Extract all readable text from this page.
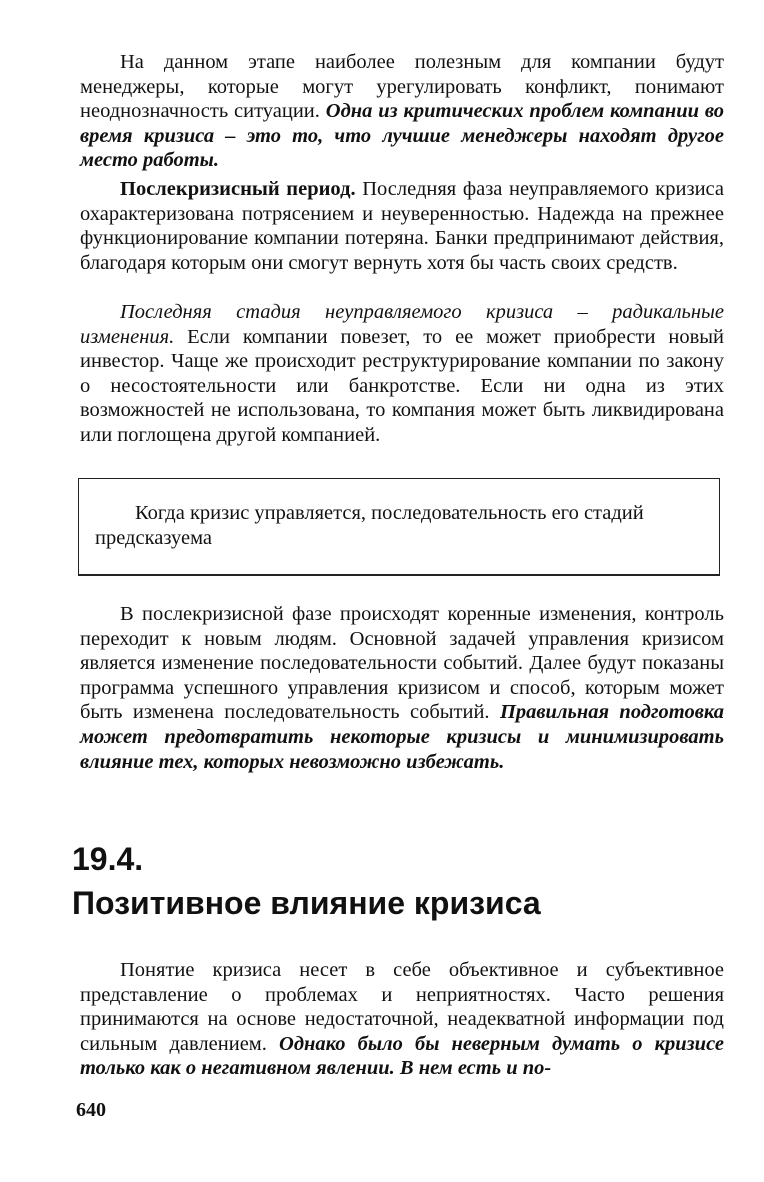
На данном этапе наиболее полезным для компании будут менеджеры, которые могут урегулировать конфликт, понимают неоднозначность ситуации. Одна из критических проблем компании во время кризиса – это то, что лучшие менеджеры находят другое место работы.

Послекризисный период. Последняя фаза неуправляемого кризиса охарактеризована потрясением и неуверенностью. Надежда на прежнее функционирование компании потеряна. Банки предпринимают действия, благодаря которым они смогут вернуть хотя бы часть своих средств.

Последняя стадия неуправляемого кризиса – радикальные изменения. Если компании повезет, то ее может приобрести новый инвестор. Чаще же происходит реструктурирование компании по закону о несостоятельности или банкротстве. Если ни одна из этих возможностей не использована, то компания может быть ликвидирована или поглощена другой компанией.

Когда кризис управляется, последовательность его стадий предсказуема

В послекризисной фазе происходят коренные изменения, контроль переходит к новым людям. Основной задачей управления кризисом является изменение последовательности событий. Далее будут показаны программа успешного управления кризисом и способ, которым может быть изменена последовательность событий. Правильная подготовка может предотвратить некоторые кризисы и минимизировать влияние тех, которых невозможно избежать.

19.4.
Позитивное влияние кризиса

Понятие кризиса несет в себе объективное и субъективное представление о проблемах и неприятностях. Часто решения принимаются на основе недостаточной, неадекватной информации под сильным давлением. Однако было бы неверным думать о кризисе только как о негативном явлении. В нем есть и по-

640
